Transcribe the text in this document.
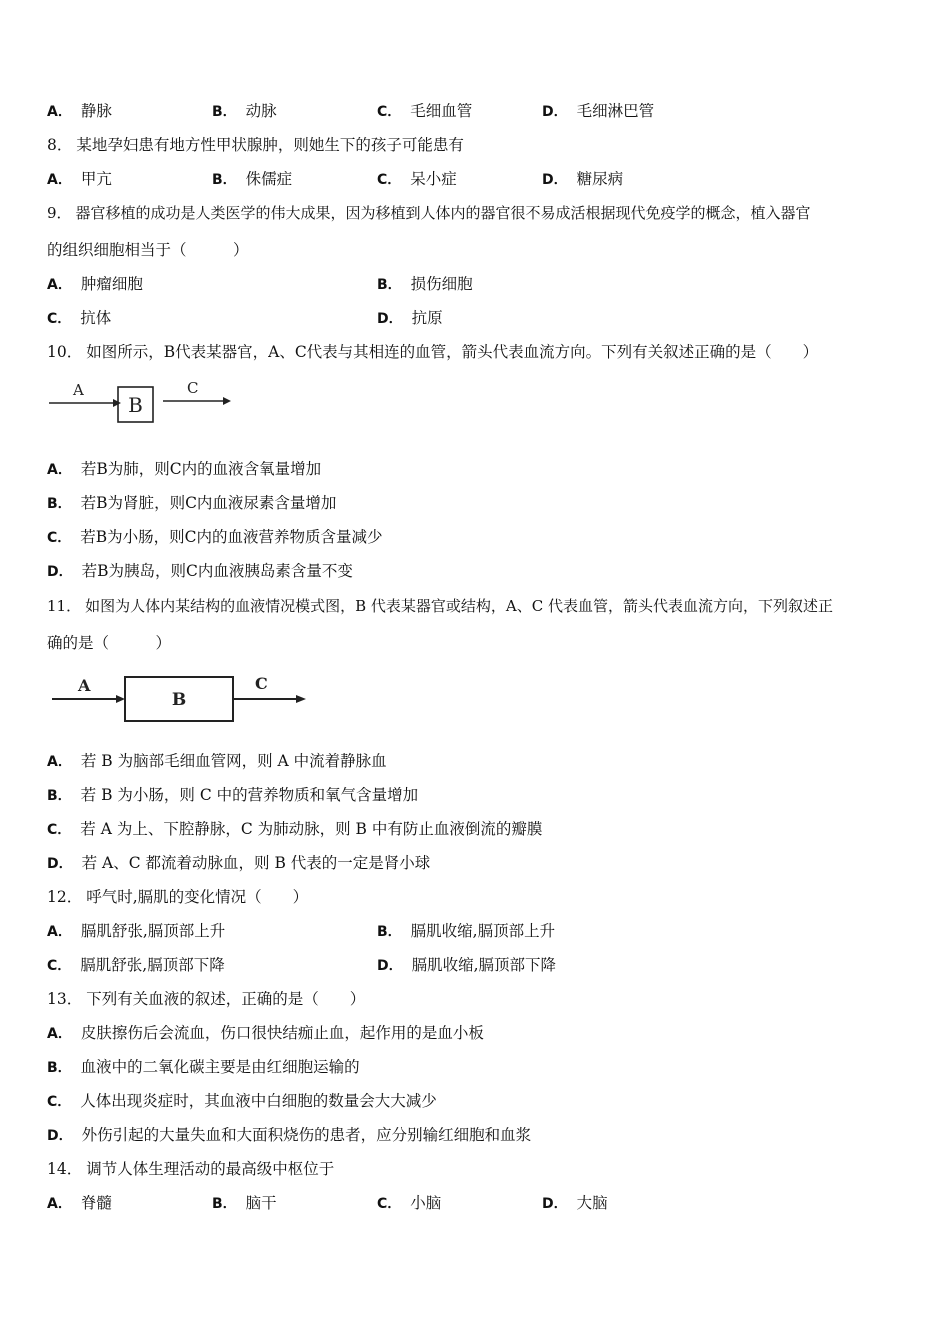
A． 静脉	B． 动脉	C． 毛细血管	D． 毛细淋巴管
8． 某地孕妇患有地方性甲状腺肿，则她生下的孩子可能患有
A． 甲亢	B． 侏儒症	C． 呆小症	D． 糖尿病
9． 器官移植的成功是人类医学的伟大成果，因为移植到人体内的器官很不易成活根据现代免疫学的概念，植入器官
的组织细胞相当于（　　　）
A． 肿瘤细胞	B． 损伤细胞
C． 抗体	D． 抗原
10． 如图所示，B代表某器官，A、C代表与其相连的血管，箭头代表血流方向。下列有关叙述正确的是（　　）
A
B
C
A． 若B为肺，则C内的血液含氧量增加
B． 若B为肾脏，则C内血液尿素含量增加
C． 若B为小肠，则C内的血液营养物质含量减少
D． 若B为胰岛，则C内血液胰岛素含量不变
11． 如图为人体内某结构的血液情况模式图，B 代表某器官或结构，A、C 代表血管，箭头代表血流方向，下列叙述正
确的是（　　　）
A
B
C
A． 若 B 为脑部毛细血管网，则 A 中流着静脉血
B． 若 B 为小肠，则 C 中的营养物质和氧气含量增加
C． 若 A 为上、下腔静脉，C 为肺动脉，则 B 中有防止血液倒流的瓣膜
D． 若 A、C 都流着动脉血，则 B 代表的一定是肾小球
12． 呼气时,膈肌的变化情况（　　）
A． 膈肌舒张,膈顶部上升	B． 膈肌收缩,膈顶部上升
C． 膈肌舒张,膈顶部下降	D． 膈肌收缩,膈顶部下降
13． 下列有关血液的叙述，正确的是（　　）
A． 皮肤擦伤后会流血，伤口很快结痂止血，起作用的是血小板
B． 血液中的二氧化碳主要是由红细胞运输的
C． 人体出现炎症时，其血液中白细胞的数量会大大减少
D． 外伤引起的大量失血和大面积烧伤的患者，应分别输红细胞和血浆
14． 调节人体生理活动的最高级中枢位于
A． 脊髓	B． 脑干	C． 小脑	D． 大脑
